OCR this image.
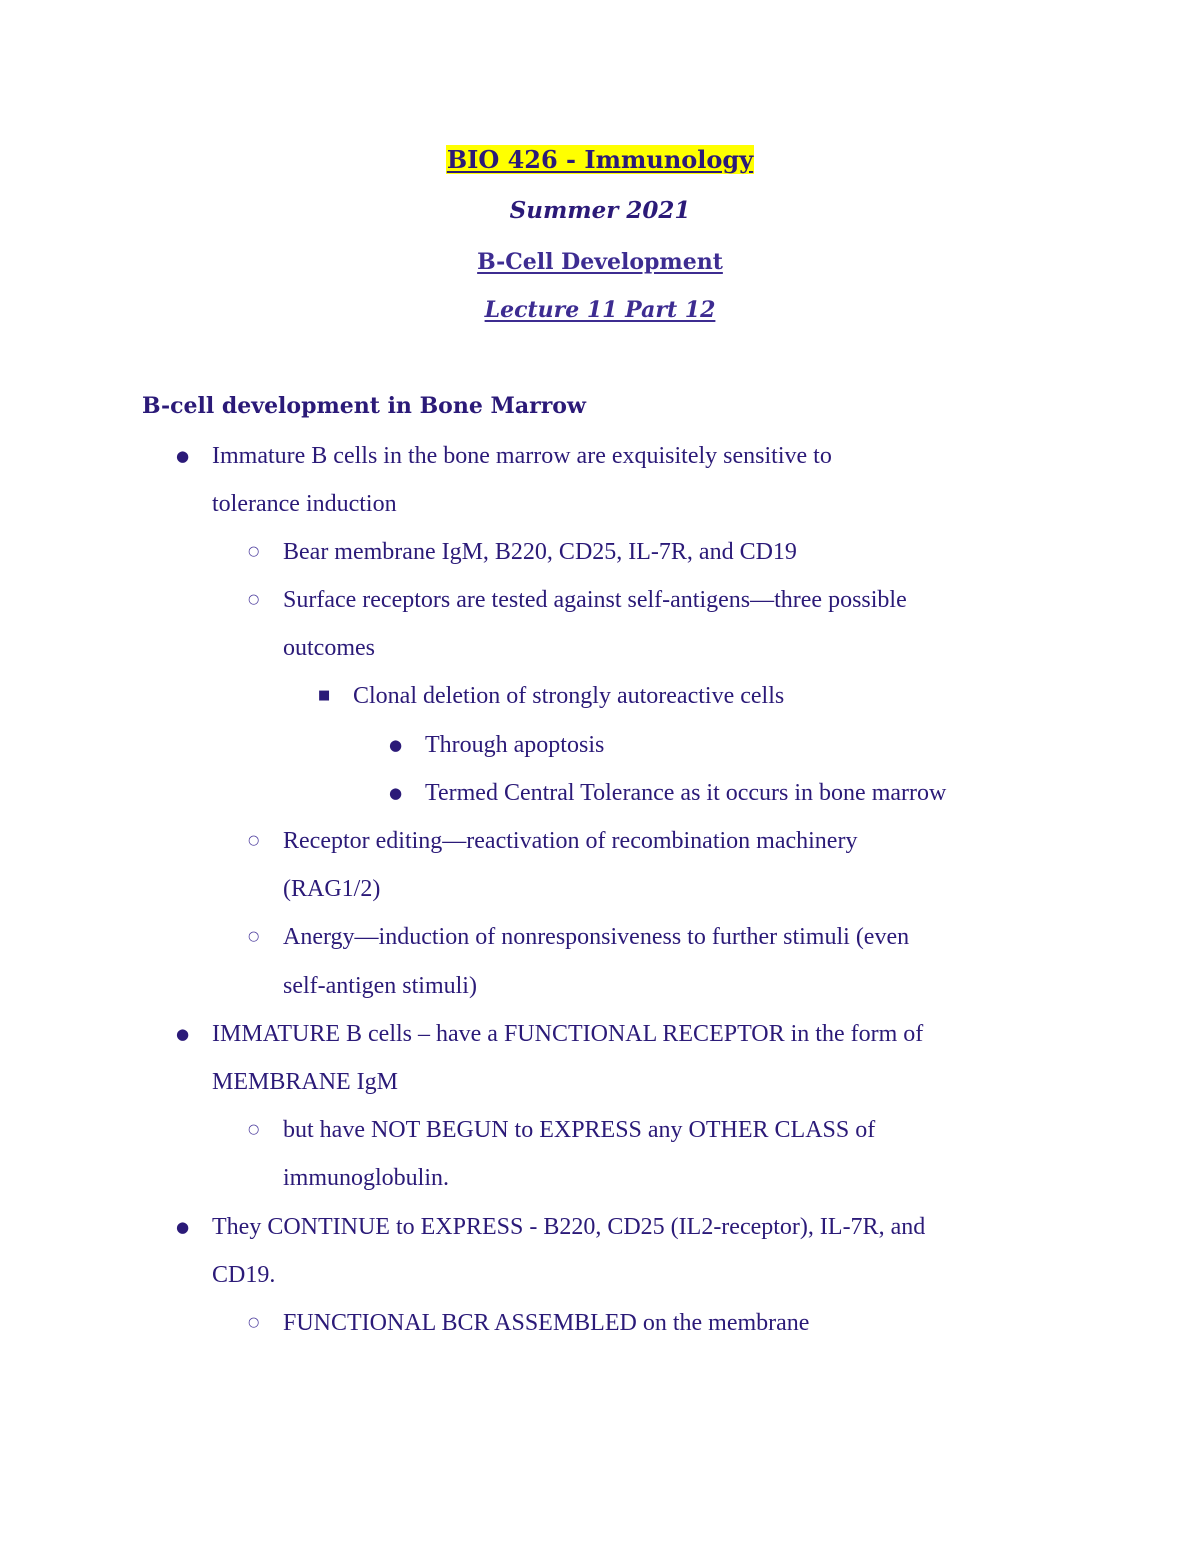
BIO 426 - Immunology
Summer 2021
B-Cell Development
Lecture 11 Part 12
B-cell development in Bone Marrow
●
○
○
■
●
●
○
○
●
○
●
○
Immature B cells in the bone marrow are exquisitely sensitive to
tolerance induction
Bear membrane IgM, B220, CD25, IL-7R, and CD19
Surface receptors are tested against self-antigens—three possible
outcomes
Clonal deletion of strongly autoreactive cells
Through apoptosis
Termed Central Tolerance as it occurs in bone marrow
Receptor editing—reactivation of recombination machinery
(RAG1/2)
Anergy—induction of nonresponsiveness to further stimuli (even
self-antigen stimuli)
IMMATURE B cells – have a FUNCTIONAL RECEPTOR in the form of
MEMBRANE IgM
but have NOT BEGUN to EXPRESS any OTHER CLASS of
immunoglobulin.
They CONTINUE to EXPRESS - B220, CD25 (IL2-receptor), IL-7R, and
CD19.
FUNCTIONAL BCR ASSEMBLED on the membrane
